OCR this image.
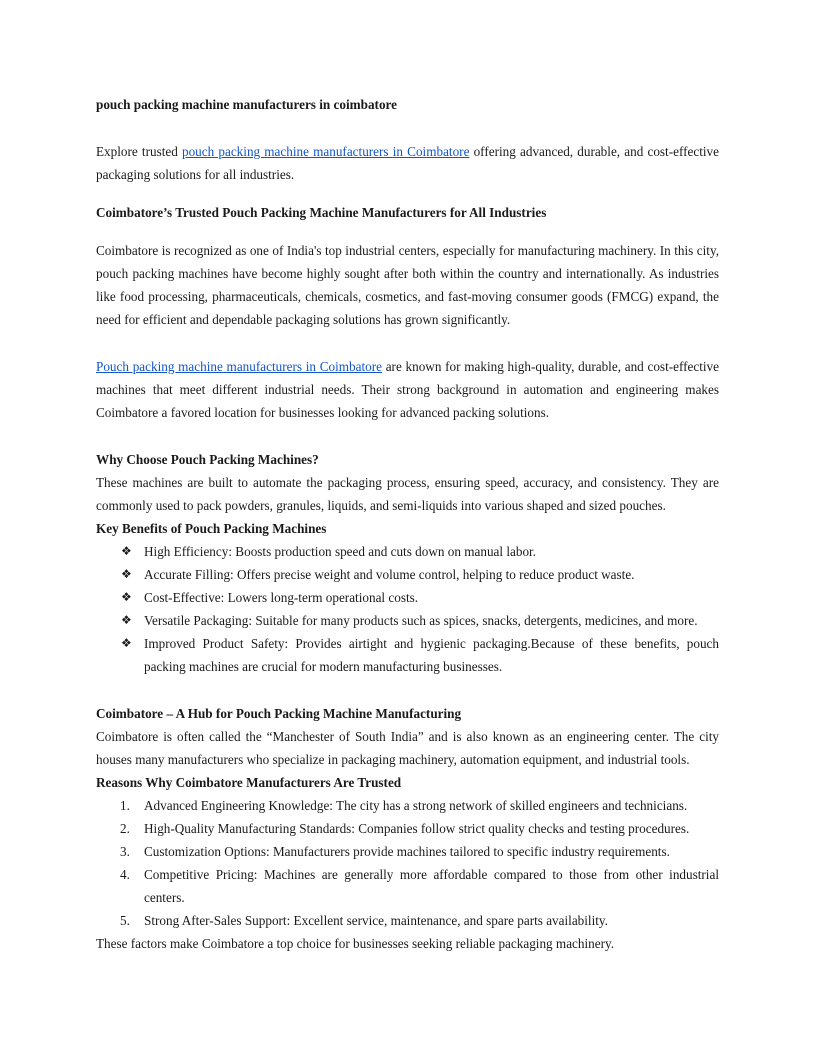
pouch packing machine manufacturers in coimbatore

Explore trusted pouch packing machine manufacturers in Coimbatore offering advanced, durable, and cost-effective packaging solutions for all industries.

Coimbatore’s Trusted Pouch Packing Machine Manufacturers for All Industries

Coimbatore is recognized as one of India's top industrial centers, especially for manufacturing machinery. In this city, pouch packing machines have become highly sought after both within the country and internationally. As industries like food processing, pharmaceuticals, chemicals, cosmetics, and fast-moving consumer goods (FMCG) expand, the need for efficient and dependable packaging solutions has grown significantly.

Pouch packing machine manufacturers in Coimbatore are known for making high-quality, durable, and cost-effective machines that meet different industrial needs. Their strong background in automation and engineering makes Coimbatore a favored location for businesses looking for advanced packing solutions.

Why Choose Pouch Packing Machines?

These machines are built to automate the packaging process, ensuring speed, accuracy, and consistency. They are commonly used to pack powders, granules, liquids, and semi-liquids into various shaped and sized pouches.

Key Benefits of Pouch Packing Machines

❖ High Efficiency: Boosts production speed and cuts down on manual labor.
❖ Accurate Filling: Offers precise weight and volume control, helping to reduce product waste.
❖ Cost-Effective: Lowers long-term operational costs.
❖ Versatile Packaging: Suitable for many products such as spices, snacks, detergents, medicines, and more.
❖ Improved Product Safety: Provides airtight and hygienic packaging.Because of these benefits, pouch packing machines are crucial for modern manufacturing businesses.

Coimbatore – A Hub for Pouch Packing Machine Manufacturing

Coimbatore is often called the “Manchester of South India” and is also known as an engineering center. The city houses many manufacturers who specialize in packaging machinery, automation equipment, and industrial tools.

Reasons Why Coimbatore Manufacturers Are Trusted

1. Advanced Engineering Knowledge: The city has a strong network of skilled engineers and technicians.
2. High-Quality Manufacturing Standards: Companies follow strict quality checks and testing procedures.
3. Customization Options: Manufacturers provide machines tailored to specific industry requirements.
4. Competitive Pricing: Machines are generally more affordable compared to those from other industrial centers.
5. Strong After-Sales Support: Excellent service, maintenance, and spare parts availability.

These factors make Coimbatore a top choice for businesses seeking reliable packaging machinery.
